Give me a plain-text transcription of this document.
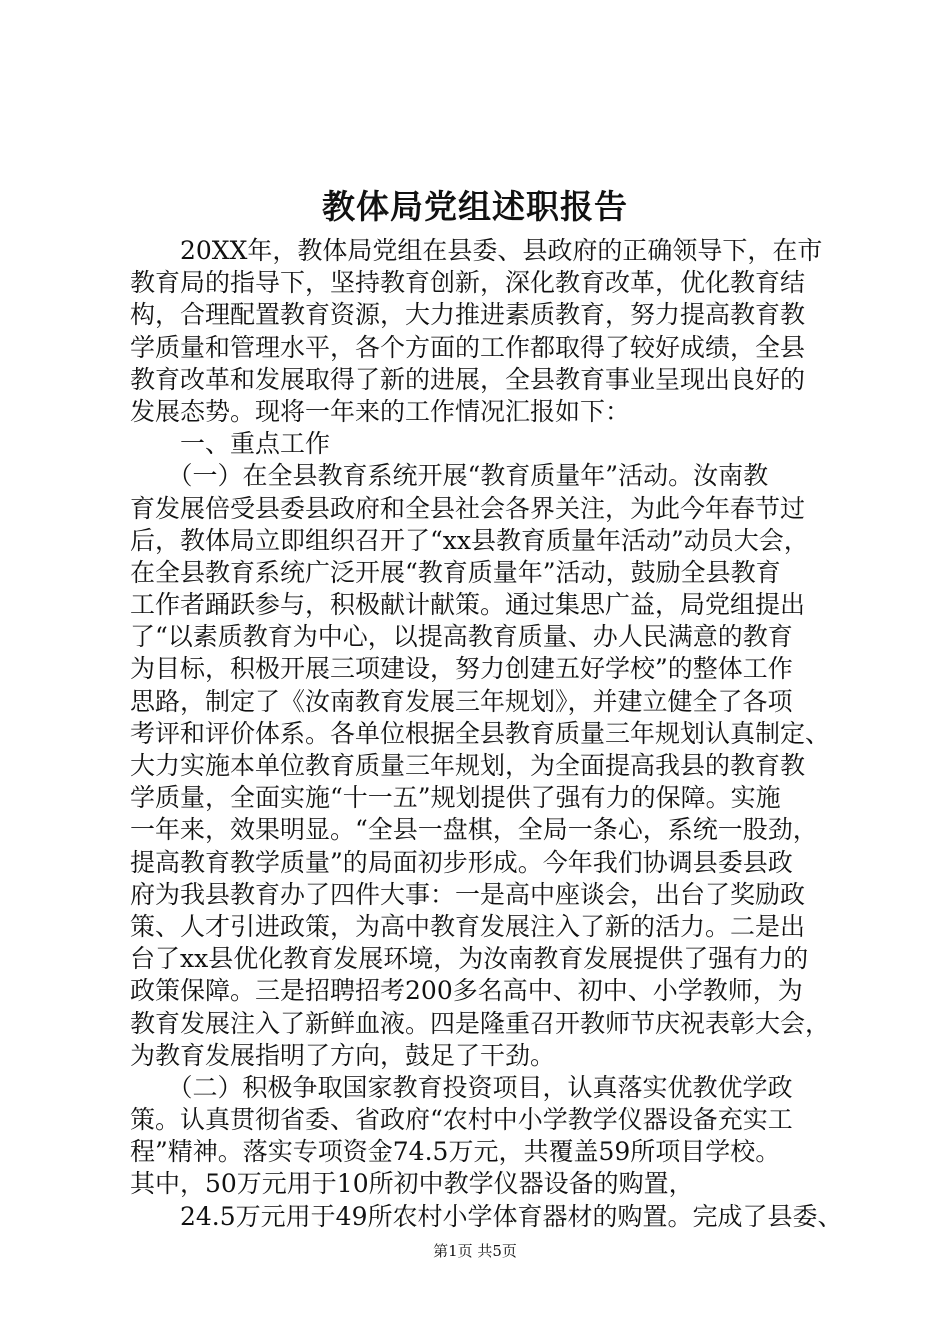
教体局党组述职报告
　　20XX年，教体局党组在县委、县政府的正确领导下，在市
教育局的指导下，坚持教育创新，深化教育改革，优化教育结
构，合理配置教育资源，大力推进素质教育，努力提高教育教
学质量和管理水平，各个方面的工作都取得了较好成绩，全县
教育改革和发展取得了新的进展，全县教育事业呈现出良好的
发展态势。现将一年来的工作情况汇报如下：
　　一、重点工作
　　（一）在全县教育系统开展“教育质量年”活动。汝南教
育发展倍受县委县政府和全县社会各界关注，为此今年春节过
后，教体局立即组织召开了“xx县教育质量年活动”动员大会，
在全县教育系统广泛开展“教育质量年”活动，鼓励全县教育
工作者踊跃参与，积极献计献策。通过集思广益，局党组提出
了“以素质教育为中心，以提高教育质量、办人民满意的教育
为目标，积极开展三项建设，努力创建五好学校”的整体工作
思路，制定了《汝南教育发展三年规划》，并建立健全了各项
考评和评价体系。各单位根据全县教育质量三年规划认真制定、
大力实施本单位教育质量三年规划，为全面提高我县的教育教
学质量，全面实施“十一五”规划提供了强有力的保障。实施
一年来，效果明显。“全县一盘棋，全局一条心，系统一股劲，
提高教育教学质量”的局面初步形成。今年我们协调县委县政
府为我县教育办了四件大事：一是高中座谈会，出台了奖励政
策、人才引进政策，为高中教育发展注入了新的活力。二是出
台了xx县优化教育发展环境，为汝南教育发展提供了强有力的
政策保障。三是招聘招考200多名高中、初中、小学教师，为
教育发展注入了新鲜血液。四是隆重召开教师节庆祝表彰大会，
为教育发展指明了方向，鼓足了干劲。
　　（二）积极争取国家教育投资项目，认真落实优教优学政
策。认真贯彻省委、省政府“农村中小学教学仪器设备充实工
程”精神。落实专项资金74.5万元，共覆盖59所项目学校。
其中，50万元用于10所初中教学仪器设备的购置，
　　24.5万元用于49所农村小学体育器材的购置。完成了县委、
第1页 共5页
